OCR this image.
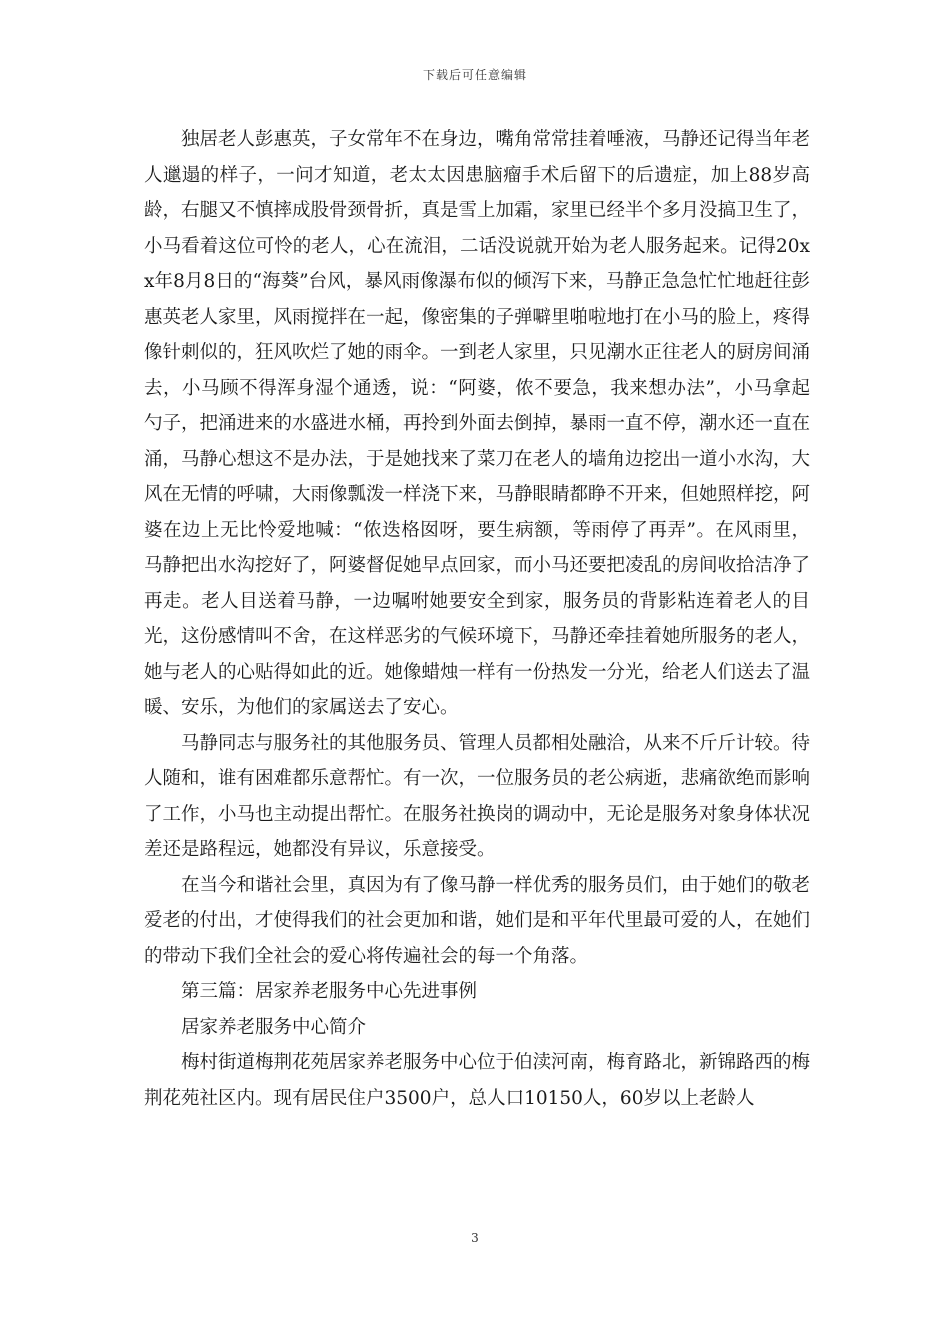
下载后可任意编辑

独居老人彭惠英，子女常年不在身边，嘴角常常挂着唾液，马静还记得当年老人邋遢的样子，一问才知道，老太太因患脑瘤手术后留下的后遗症，加上88岁高龄，右腿又不慎摔成股骨颈骨折，真是雪上加霜，家里已经半个多月没搞卫生了，小马看着这位可怜的老人，心在流泪，二话没说就开始为老人服务起来。记得20xx年8月8日的“海葵”台风，暴风雨像瀑布似的倾泻下来，马静正急急忙忙地赶往彭惠英老人家里，风雨搅拌在一起，像密集的子弹噼里啪啦地打在小马的脸上，疼得像针刺似的，狂风吹烂了她的雨伞。一到老人家里，只见潮水正往老人的厨房间涌去，小马顾不得浑身湿个通透，说：“阿婆，侬不要急，我来想办法”，小马拿起勺子，把涌进来的水盛进水桶，再拎到外面去倒掉，暴雨一直不停，潮水还一直在涌，马静心想这不是办法，于是她找来了菜刀在老人的墙角边挖出一道小水沟，大风在无情的呼啸，大雨像瓢泼一样浇下来，马静眼睛都睁不开来，但她照样挖，阿婆在边上无比怜爱地喊：“侬迭格囡呀，要生病额，等雨停了再弄”。在风雨里，马静把出水沟挖好了，阿婆督促她早点回家，而小马还要把凌乱的房间收拾洁净了再走。老人目送着马静，一边嘱咐她要安全到家，服务员的背影粘连着老人的目光，这份感情叫不舍，在这样恶劣的气候环境下，马静还牵挂着她所服务的老人，她与老人的心贴得如此的近。她像蜡烛一样有一份热发一分光，给老人们送去了温暖、安乐，为他们的家属送去了安心。

马静同志与服务社的其他服务员、管理人员都相处融洽，从来不斤斤计较。待人随和，谁有困难都乐意帮忙。有一次，一位服务员的老公病逝，悲痛欲绝而影响了工作，小马也主动提出帮忙。在服务社换岗的调动中，无论是服务对象身体状况差还是路程远，她都没有异议，乐意接受。

在当今和谐社会里，真因为有了像马静一样优秀的服务员们，由于她们的敬老爱老的付出，才使得我们的社会更加和谐，她们是和平年代里最可爱的人，在她们的带动下我们全社会的爱心将传遍社会的每一个角落。

第三篇：居家养老服务中心先进事例

居家养老服务中心简介

梅村街道梅荆花苑居家养老服务中心位于伯渎河南，梅育路北，新锦路西的梅荆花苑社区内。现有居民住户3500户，总人口10150人，60岁以上老龄人

3
